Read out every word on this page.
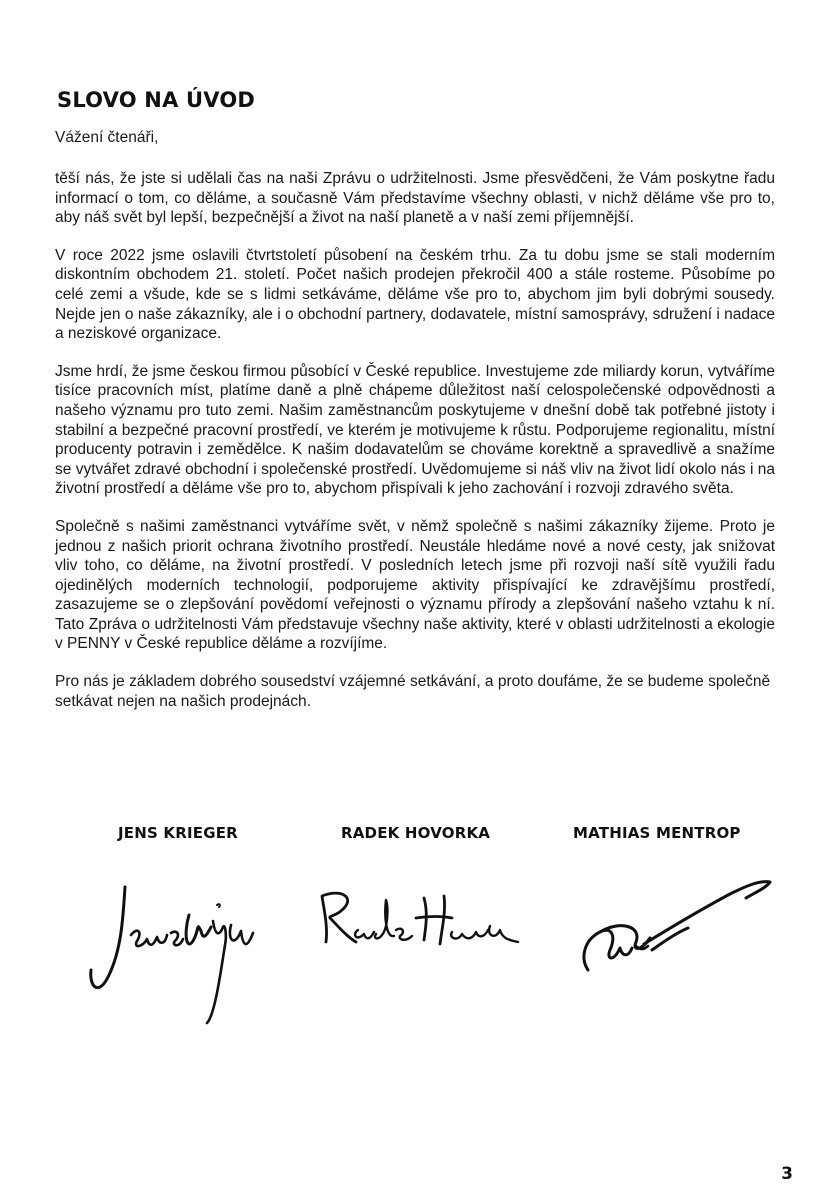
SLOVO NA ÚVOD

Vážení čtenáři,

těší nás, že jste si udělali čas na naši Zprávu o udržitelnosti. Jsme přesvědčeni, že Vám poskytne řadu informací o tom, co děláme, a současně Vám představíme všechny oblasti, v nichž děláme vše pro to, aby náš svět byl lepší, bezpečnější a život na naší planetě a v naší zemi příjemnější.

V roce 2022 jsme oslavili čtvrtstoletí působení na českém trhu. Za tu dobu jsme se stali moderním diskontním obchodem 21. století. Počet našich prodejen překročil 400 a stále rosteme. Působíme po celé zemi a všude, kde se s lidmi setkáváme, děláme vše pro to, abychom jim byli dobrými sousedy. Nejde jen o naše zákazníky, ale i o obchodní partnery, dodavatele, místní samosprávy, sdružení i nadace a neziskové organizace.

Jsme hrdí, že jsme českou firmou působící v České republice. Investujeme zde miliardy korun, vytváříme tisíce pracovních míst, platíme daně a plně chápeme důležitost naší celospolečenské odpovědnosti a našeho významu pro tuto zemi. Našim zaměstnancům poskytujeme v dnešní době tak potřebné jistoty i stabilní a bezpečné pracovní prostředí, ve kterém je motivujeme k růstu. Podporujeme regionalitu, místní producenty potravin i zemědělce. K našim dodavatelům se chováme korektně a spravedlivě a snažíme se vytvářet zdravé obchodní i společenské prostředí. Uvědomujeme si náš vliv na život lidí okolo nás i na životní prostředí a děláme vše pro to, abychom přispívali k jeho zachování i rozvoji zdravého světa.

Společně s našimi zaměstnanci vytváříme svět, v němž společně s našimi zákazníky žijeme. Proto je jednou z našich priorit ochrana životního prostředí. Neustále hledáme nové a nové cesty, jak snižovat vliv toho, co děláme, na životní prostředí. V posledních letech jsme při rozvoji naší sítě využili řadu ojedinělých moderních technologií, podporujeme aktivity přispívající ke zdravějšímu prostředí, zasazujeme se o zlepšování povědomí veřejnosti o významu přírody a zlepšování našeho vztahu k ní. Tato Zpráva o udržitelnosti Vám představuje všechny naše aktivity, které v oblasti udržitelnosti a ekologie v PENNY v České republice děláme a rozvíjíme.

Pro nás je základem dobrého sousedství vzájemné setkávání, a proto doufáme, že se budeme společně setkávat nejen na našich prodejnách.

JENS KRIEGER	RADEK HOVORKA	MATHIAS MENTROP
3
